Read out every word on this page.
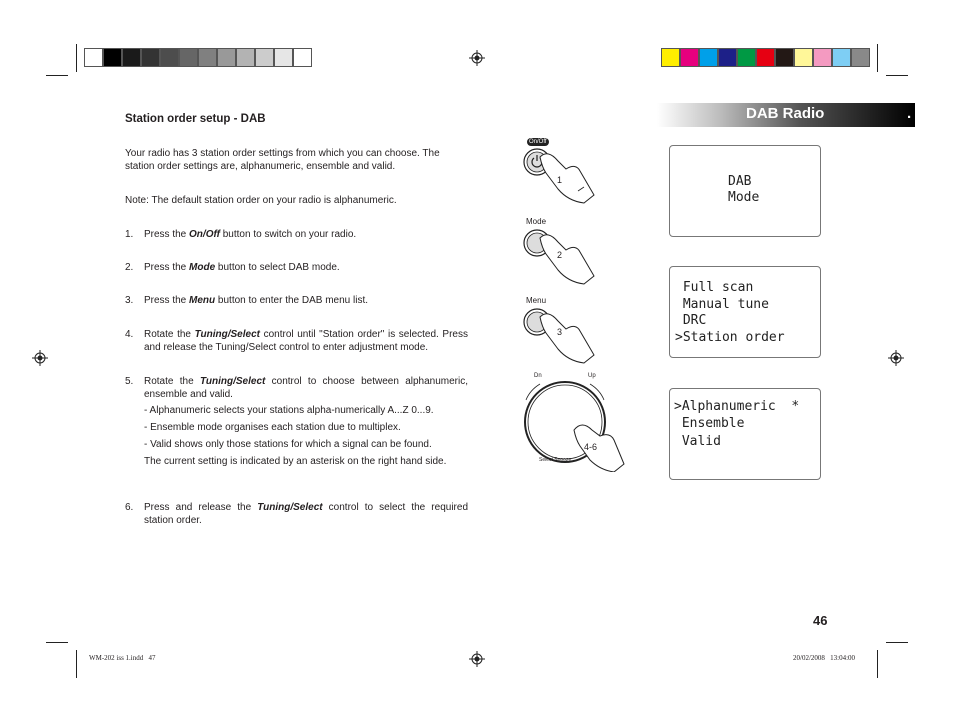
DAB Radio	.
Station order setup - DAB
Your radio has 3 station order settings from which you can choose. The station order settings are, alphanumeric, ensemble and valid.
Note: The default station order on your radio is alphanumeric.
1. Press the On/Off button to switch on your radio.
2. Press the Mode button to select DAB mode.
3. Press the Menu button to enter the DAB menu list.
4. Rotate the Tuning/Select control until "Station order" is selected. Press and release the Tuning/Select control to enter adjustment mode.
5. Rotate the Tuning/Select control to choose between alphanumeric, ensemble and valid.
- Alphanumeric selects your stations alpha-numerically A...Z 0...9.
- Ensemble mode organises each station due to multiplex.
- Valid shows only those stations for which a signal can be found.
The current setting is indicated by an asterisk on the right hand side.
6. Press and release the Tuning/Select control to select the required station order.
On/Off
1
Mode
2
Menu
3
Dn	Up
4-6
Select Snooze

DAB

Mode

Full scan

Manual tune

DRC

>Station order

>Alphanumeric  *

Ensemble

Valid

46
WM-202 iss 1.indd   47	20/02/2008   13:04:00
